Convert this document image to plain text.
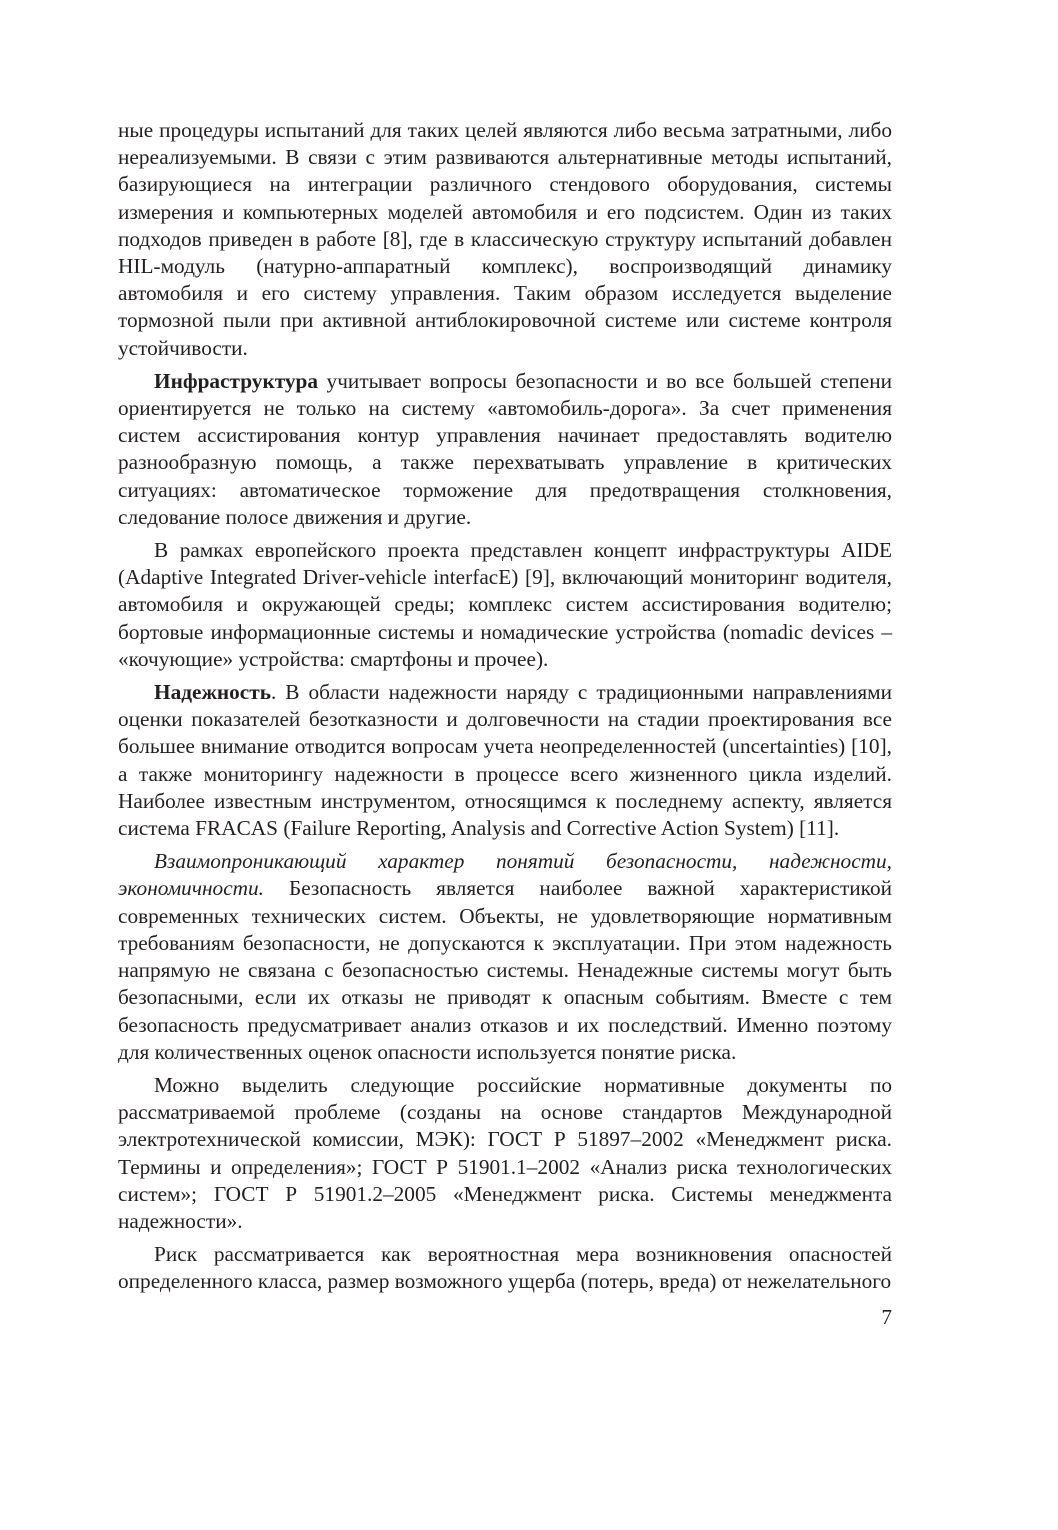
ные процедуры испытаний для таких целей являются либо весьма затратными, либо нереализуемыми. В связи с этим развиваются альтернативные методы испытаний, базирующиеся на интеграции различного стендового оборудования, системы измерения и компьютерных моделей автомобиля и его подсистем. Один из таких подходов приведен в работе [8], где в классическую структуру испытаний добавлен HIL-модуль (натурно-аппаратный комплекс), воспроизводящий динамику автомобиля и его систему управления. Таким образом исследуется выделение тормозной пыли при активной антиблокировочной системе или системе контроля устойчивости.

Инфраструктура учитывает вопросы безопасности и во все большей степени ориентируется не только на систему «автомобиль-дорога». За счет применения систем ассистирования контур управления начинает предоставлять водителю разнообразную помощь, а также перехватывать управление в критических ситуациях: автоматическое торможение для предотвращения столкновения, следование полосе движения и другие.

В рамках европейского проекта представлен концепт инфраструктуры AIDE (Adaptive Integrated Driver-vehicle interfacE) [9], включающий мониторинг водителя, автомобиля и окружающей среды; комплекс систем ассистирования водителю; бортовые информационные системы и номадические устройства (nomadic devices – «кочующие» устройства: смартфоны и прочее).

Надежность. В области надежности наряду с традиционными направлениями оценки показателей безотказности и долговечности на стадии проектирования все большее внимание отводится вопросам учета неопределенностей (uncertainties) [10], а также мониторингу надежности в процессе всего жизненного цикла изделий. Наиболее известным инструментом, относящимся к последнему аспекту, является система FRACAS (Failure Reporting, Analysis and Corrective Action System) [11].

Взаимопроникающий характер понятий безопасности, надежности, экономичности. Безопасность является наиболее важной характеристикой современных технических систем. Объекты, не удовлетворяющие нормативным требованиям безопасности, не допускаются к эксплуатации. При этом надежность напрямую не связана с безопасностью системы. Ненадежные системы могут быть безопасными, если их отказы не приводят к опасным событиям. Вместе с тем безопасность предусматривает анализ отказов и их последствий. Именно поэтому для количественных оценок опасности используется понятие риска.

Можно выделить следующие российские нормативные документы по рассматриваемой проблеме (созданы на основе стандартов Международной электротехнической комиссии, МЭК): ГОСТ Р 51897–2002 «Менеджмент риска. Термины и определения»; ГОСТ Р 51901.1–2002 «Анализ риска технологических систем»; ГОСТ Р 51901.2–2005 «Менеджмент риска. Системы менеджмента надежности».

Риск рассматривается как вероятностная мера возникновения опасностей определенного класса, размер возможного ущерба (потерь, вреда) от нежелательного

7
